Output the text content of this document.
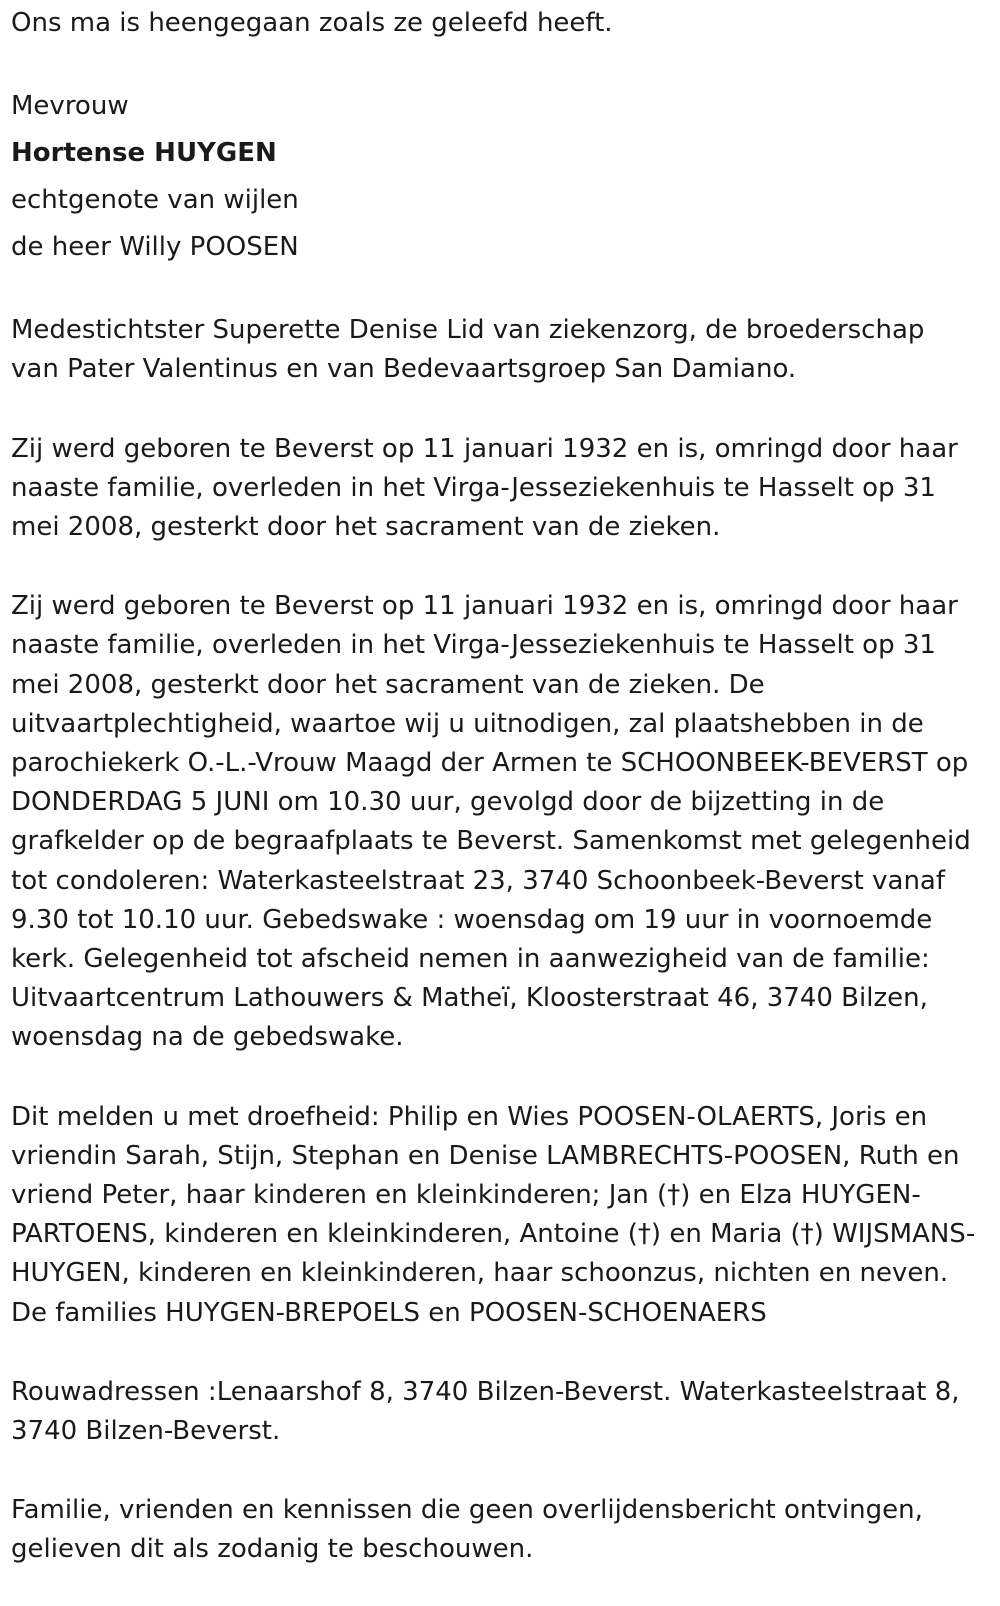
Ons ma is heengegaan zoals ze geleefd heeft.

Mevrouw

Hortense HUYGEN

echtgenote van wijlen

de heer Willy POOSEN

Medestichtster Superette Denise Lid van ziekenzorg, de broederschap van Pater Valentinus en van Bedevaartsgroep San Damiano.

Zij werd geboren te Beverst op 11 januari 1932 en is, omringd door haar naaste familie, overleden in het Virga-Jesseziekenhuis te Hasselt op 31 mei 2008, gesterkt door het sacrament van de zieken.

Zij werd geboren te Beverst op 11 januari 1932 en is, omringd door haar naaste familie, overleden in het Virga-Jesseziekenhuis te Hasselt op 31 mei 2008, gesterkt door het sacrament van de zieken. De uitvaartplechtigheid, waartoe wij u uitnodigen, zal plaatshebben in de parochiekerk O.-L.-Vrouw Maagd der Armen te SCHOONBEEK-BEVERST op DONDERDAG 5 JUNI om 10.30 uur, gevolgd door de bijzetting in de grafkelder op de begraafplaats te Beverst. Samenkomst met gelegenheid tot condoleren: Waterkasteelstraat 23, 3740 Schoonbeek-Beverst vanaf 9.30 tot 10.10 uur. Gebedswake : woensdag om 19 uur in voornoemde kerk. Gelegenheid tot afscheid nemen in aanwezigheid van de familie: Uitvaartcentrum Lathouwers & Matheï, Kloosterstraat 46, 3740 Bilzen, woensdag na de gebedswake.

Dit melden u met droefheid: Philip en Wies POOSEN-OLAERTS, Joris en vriendin Sarah, Stijn, Stephan en Denise LAMBRECHTS-POOSEN, Ruth en vriend Peter, haar kinderen en kleinkinderen; Jan (†) en Elza HUYGEN-PARTOENS, kinderen en kleinkinderen, Antoine (†) en Maria (†) WIJSMANS-HUYGEN, kinderen en kleinkinderen, haar schoonzus, nichten en neven. De families HUYGEN-BREPOELS en POOSEN-SCHOENAERS

Rouwadressen :Lenaarshof 8, 3740 Bilzen-Beverst. Waterkasteelstraat 8, 3740 Bilzen-Beverst.

Familie, vrienden en kennissen die geen overlijdensbericht ontvingen, gelieven dit als zodanig te beschouwen.
